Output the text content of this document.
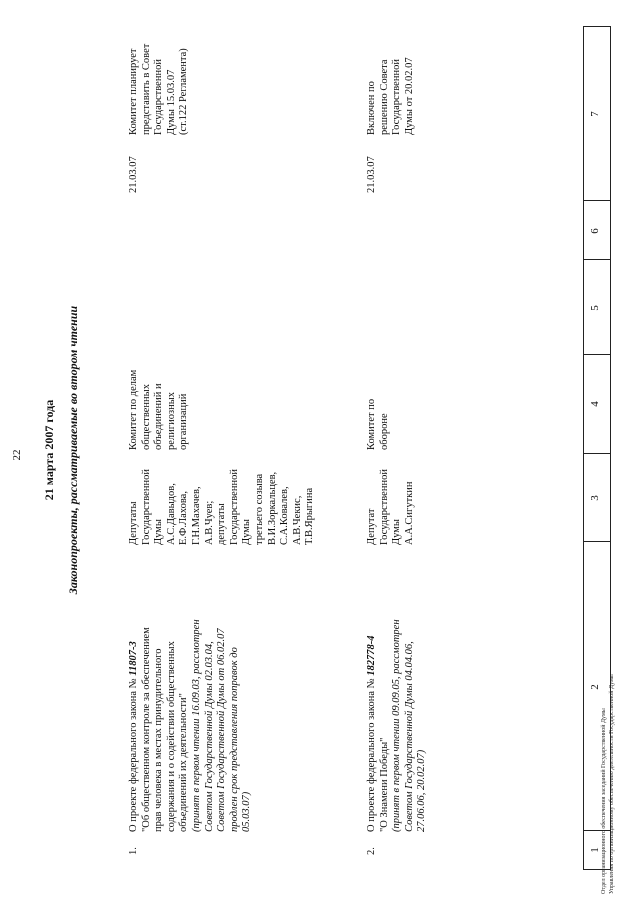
22
1
2
3
4
5
6
7
21 марта 2007 года Законопроекты, рассматриваемые во втором чтении
1.
О проекте федерального закона № 11807-3 "Об общественном контроле за обеспечением прав человека в местах принудительного содержания и о содействии общественных объединений их деятельности" (принят в первом чтении 16.09.03, рассмотрен Советом Государственной Думы 02.03.04, Советом Государственной Думы от 06.02.07 продлен срок представления поправок до 05.03.07)
Депутаты Государственной Думы А.С.Давыдов, Е.Ф.Лахова, Г.Н.Махачев, А.В.Чуев; депутаты Государственной Думы третьего созыва В.И.Зоркальцев, С.А.Ковалев, А.В.Чекис, Т.В.Ярыгина
Комитет по делам общественных объединений и религиозных организаций
21.03.07
Комитет планирует представить в Совет Государственной Думы 15.03.07 (ст.122 Регламента)
2.
О проекте федерального закона № 182778-4
"О Знамени Победы" (принят в первом чтении 09.09.05, рассмотрен Советом Государственной Думы 04.04.06, 27.06.06, 20.02.07)
Депутат Государственной Думы А.А.Сигуткин
Комитет по обороне
21.03.07
Включен по решению Совета Государственной Думы от 20.02.07
Отдел организационного обеспечения заседаний Государственной Думы Управления по организационному обеспечению деятельности Государственной Думы
